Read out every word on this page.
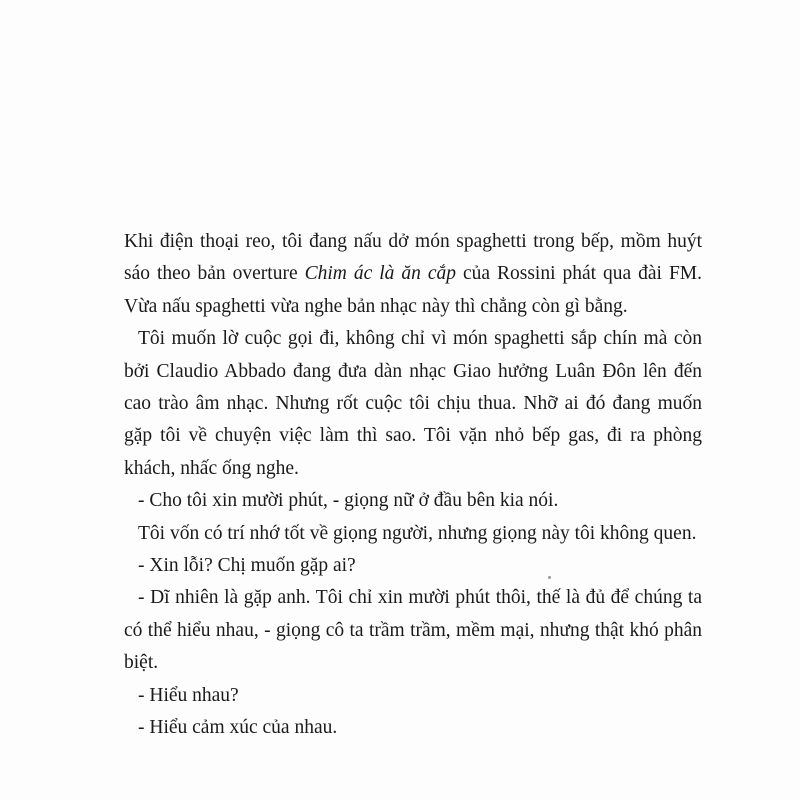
Khi điện thoại reo, tôi đang nấu dở món spaghetti trong bếp, mồm huýt sáo theo bản overture Chim ác là ăn cắp của Rossini phát qua đài FM. Vừa nấu spaghetti vừa nghe bản nhạc này thì chẳng còn gì bằng.

Tôi muốn lờ cuộc gọi đi, không chỉ vì món spaghetti sắp chín mà còn bởi Claudio Abbado đang đưa dàn nhạc Giao hưởng Luân Đôn lên đến cao trào âm nhạc. Nhưng rốt cuộc tôi chịu thua. Nhỡ ai đó đang muốn gặp tôi về chuyện việc làm thì sao. Tôi vặn nhỏ bếp gas, đi ra phòng khách, nhấc ống nghe.

- Cho tôi xin mười phút, - giọng nữ ở đầu bên kia nói.

Tôi vốn có trí nhớ tốt về giọng người, nhưng giọng này tôi không quen.

- Xin lỗi? Chị muốn gặp ai?

- Dĩ nhiên là gặp anh. Tôi chỉ xin mười phút thôi, thế là đủ để chúng ta có thể hiểu nhau, - giọng cô ta trầm trầm, mềm mại, nhưng thật khó phân biệt.

- Hiểu nhau?

- Hiểu cảm xúc của nhau.
